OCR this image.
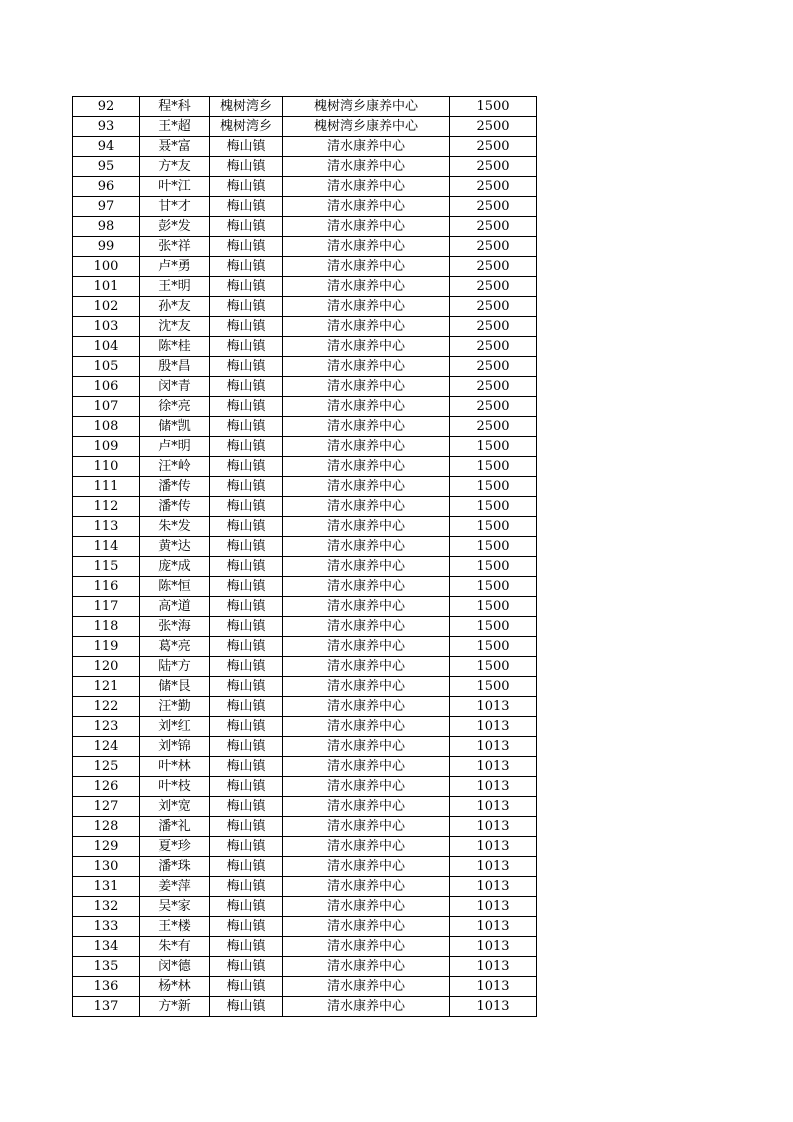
92	程*科	槐树湾乡	槐树湾乡康养中心	1500
93	王*超	槐树湾乡	槐树湾乡康养中心	2500
94	聂*富	梅山镇	清水康养中心	2500
95	方*友	梅山镇	清水康养中心	2500
96	叶*江	梅山镇	清水康养中心	2500
97	甘*才	梅山镇	清水康养中心	2500
98	彭*发	梅山镇	清水康养中心	2500
99	张*祥	梅山镇	清水康养中心	2500
100	卢*勇	梅山镇	清水康养中心	2500
101	王*明	梅山镇	清水康养中心	2500
102	孙*友	梅山镇	清水康养中心	2500
103	沈*友	梅山镇	清水康养中心	2500
104	陈*桂	梅山镇	清水康养中心	2500
105	殷*昌	梅山镇	清水康养中心	2500
106	闵*青	梅山镇	清水康养中心	2500
107	徐*亮	梅山镇	清水康养中心	2500
108	储*凯	梅山镇	清水康养中心	2500
109	卢*明	梅山镇	清水康养中心	1500
110	汪*岭	梅山镇	清水康养中心	1500
111	潘*传	梅山镇	清水康养中心	1500
112	潘*传	梅山镇	清水康养中心	1500
113	朱*发	梅山镇	清水康养中心	1500
114	黄*达	梅山镇	清水康养中心	1500
115	庞*成	梅山镇	清水康养中心	1500
116	陈*恒	梅山镇	清水康养中心	1500
117	高*道	梅山镇	清水康养中心	1500
118	张*海	梅山镇	清水康养中心	1500
119	葛*亮	梅山镇	清水康养中心	1500
120	陆*方	梅山镇	清水康养中心	1500
121	储*艮	梅山镇	清水康养中心	1500
122	汪*勤	梅山镇	清水康养中心	1013
123	刘*红	梅山镇	清水康养中心	1013
124	刘*锦	梅山镇	清水康养中心	1013
125	叶*林	梅山镇	清水康养中心	1013
126	叶*枝	梅山镇	清水康养中心	1013
127	刘*宽	梅山镇	清水康养中心	1013
128	潘*礼	梅山镇	清水康养中心	1013
129	夏*珍	梅山镇	清水康养中心	1013
130	潘*珠	梅山镇	清水康养中心	1013
131	姜*萍	梅山镇	清水康养中心	1013
132	吴*家	梅山镇	清水康养中心	1013
133	王*楼	梅山镇	清水康养中心	1013
134	朱*有	梅山镇	清水康养中心	1013
135	闵*德	梅山镇	清水康养中心	1013
136	杨*林	梅山镇	清水康养中心	1013
137	方*新	梅山镇	清水康养中心	1013
